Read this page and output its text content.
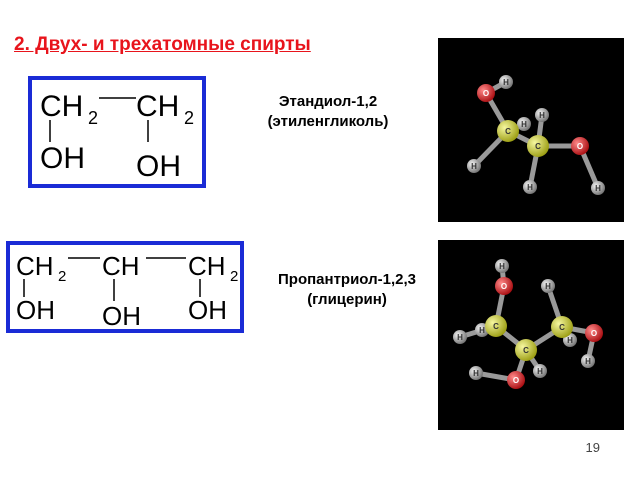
2. Двух- и трехатомные спирты
CH 2 CH 2
OH OH
Этандиол-1,2
(этиленгликоль)
H
O
H
H
C
C	O
H
H	H
CH 2 CH CH 2
OH OH OH
Пропантриол-1,2,3
(глицерин)
H
O	H
H
H C
H
C
O
H
C
H
H
O
19
